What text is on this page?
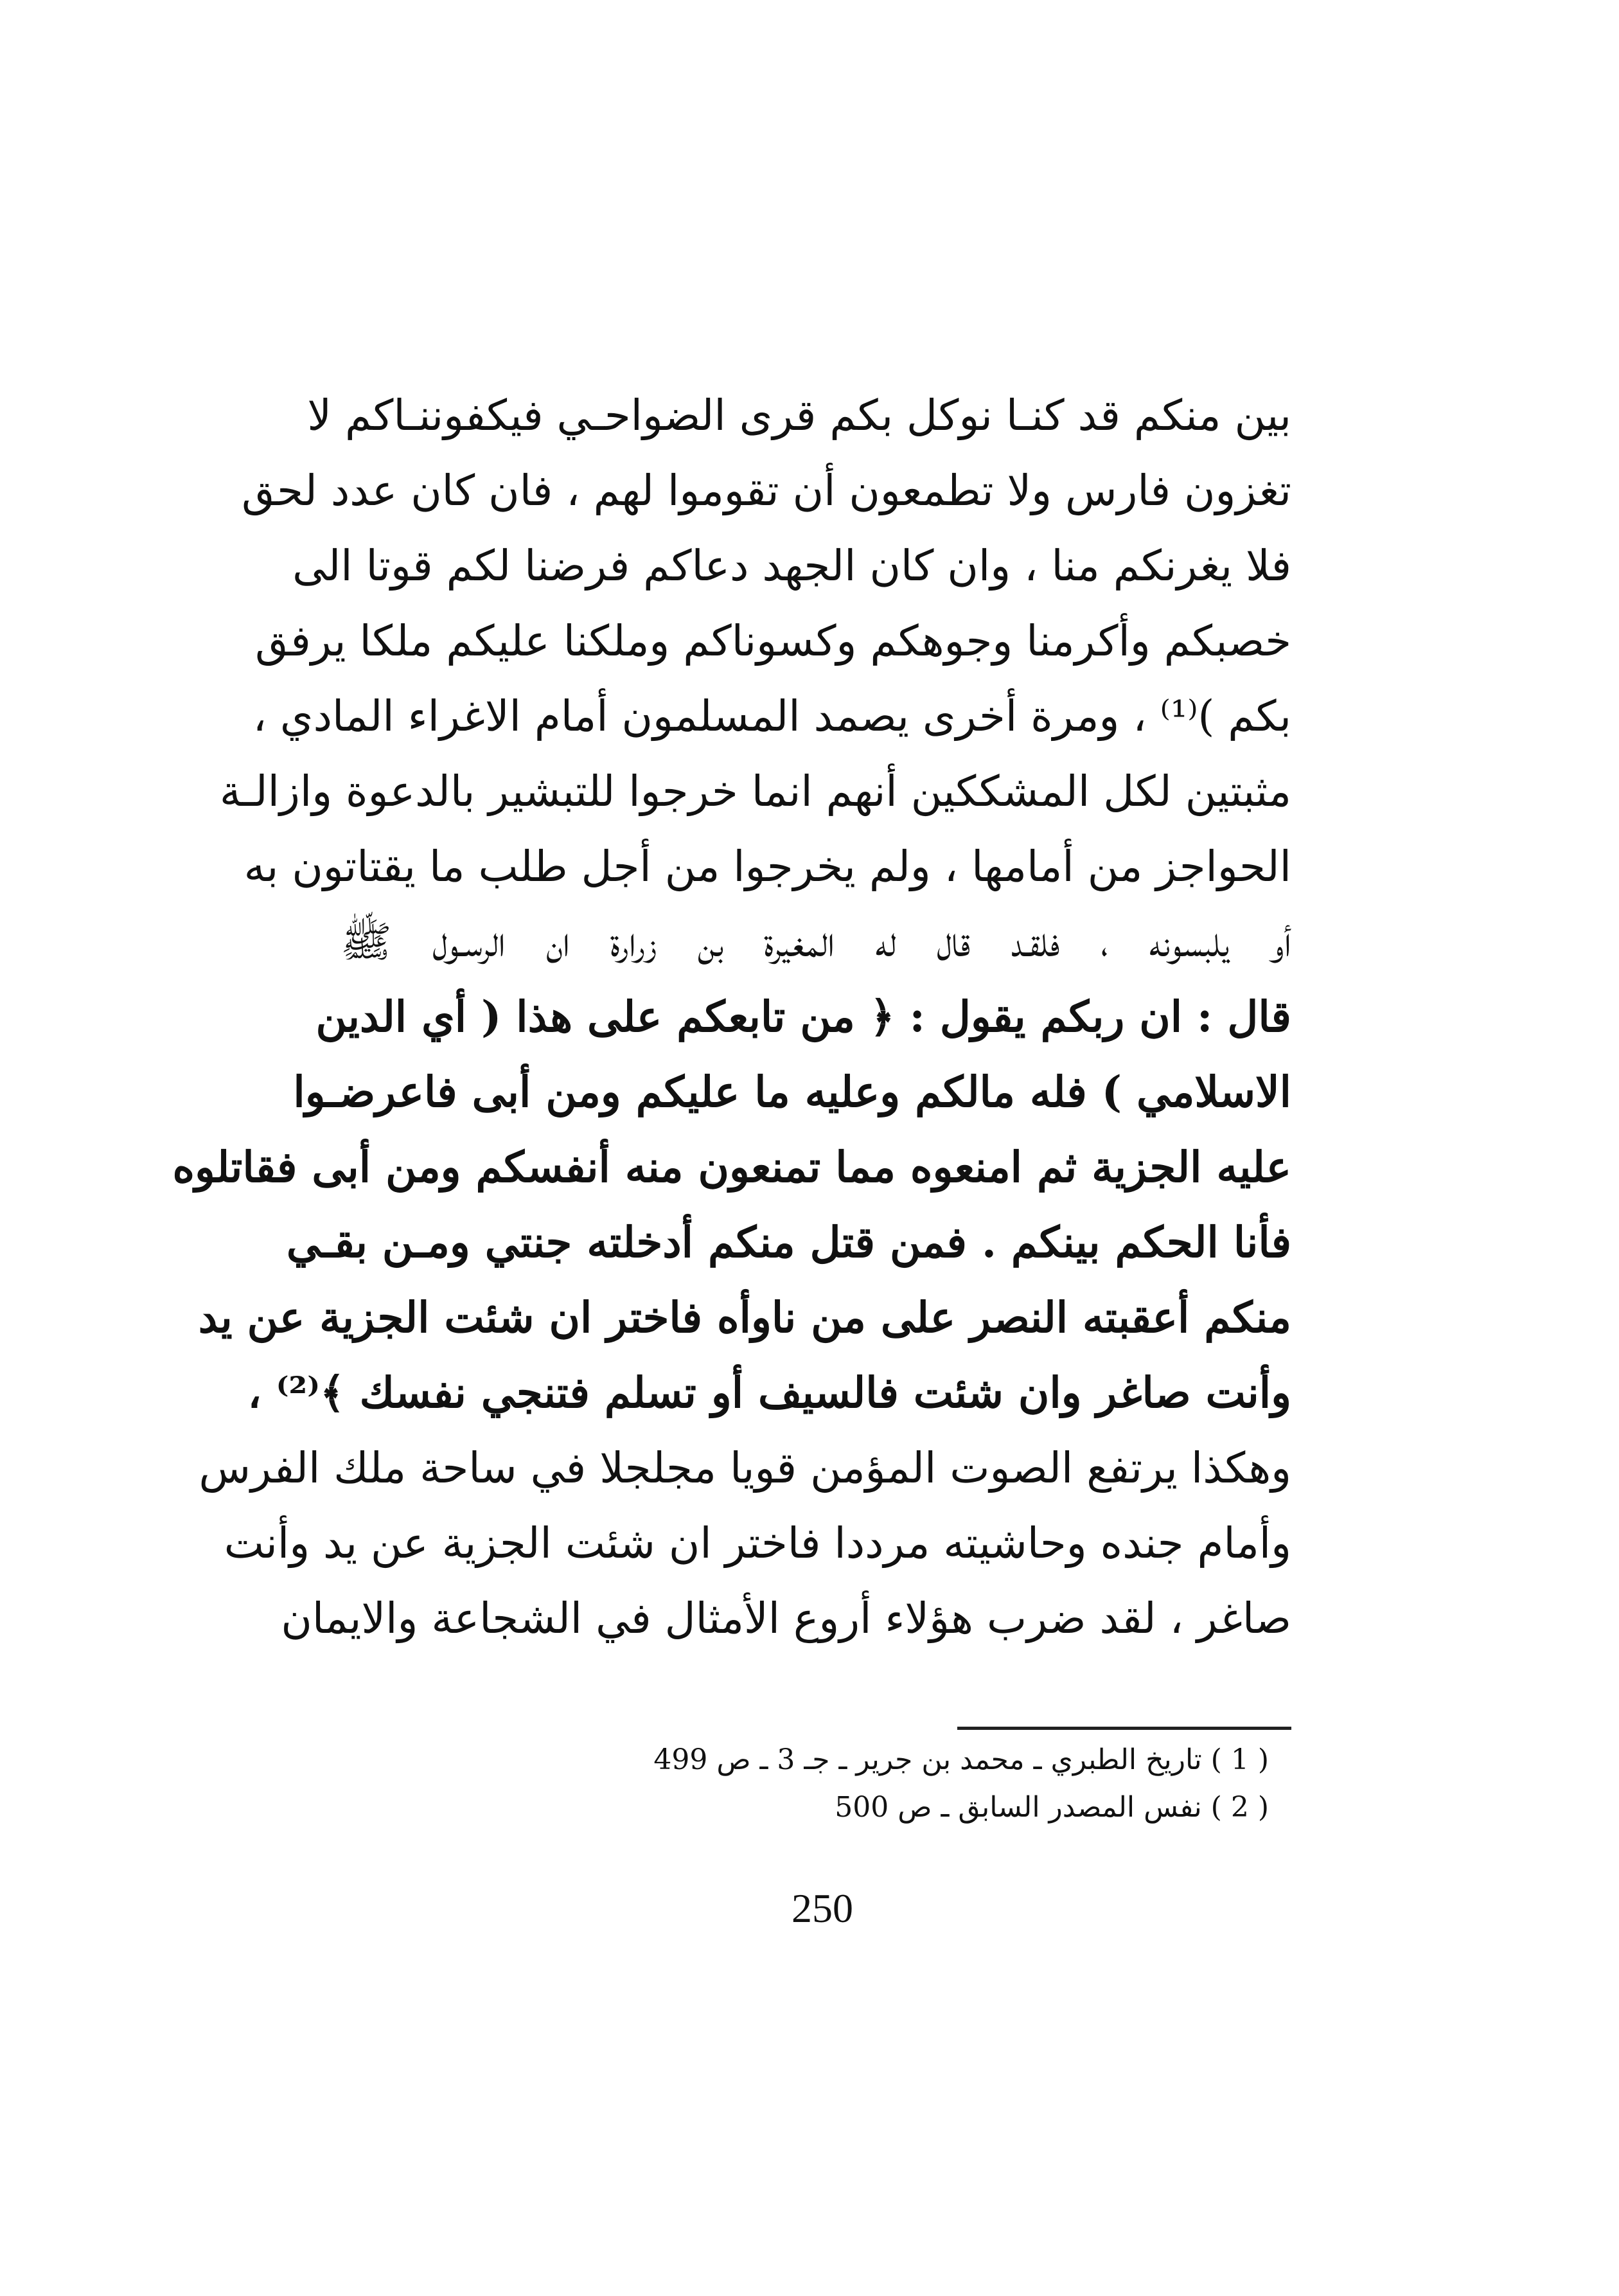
بين منكم قد كنـا نوكل بكم قرى الضواحـي فيكفوننـاكم لا
تغزون فارس ولا تطمعون أن تقوموا لهم ، فان كان عدد لحق
فلا يغرنكم منا ، وان كان الجهد دعاكم فرضنا لكم قوتا الى
خصبكم وأكرمنا وجوهكم وكسوناكم وملكنا عليكم ملكا يرفق
بكم )⁽¹⁾ ، ومرة أخرى يصمد المسلمون أمام الاغراء المادي ،
مثبتين لكل المشككين أنهم انما خرجوا للتبشير بالدعوة وازالـة
الحواجز من أمامها ، ولم يخرجوا من أجل طلب ما يقتاتون به
أو يلبسونه ، فلقـد قال له المغيرة بن زرارة ان الرسـول ﷺ
قال : ان ربكم يقول : ﴿ من تابعكم على هذا ( أي الدين
الاسلامي ) فله مالكم وعليه ما عليكم ومن أبى فاعرضـوا
عليه الجزية ثم امنعوه مما تمنعون منه أنفسكم ومن أبى فقاتلوه
فأنا الحكم بينكم . فمن قتل منكم أدخلته جنتي ومـن بقـي
منكم أعقبته النصر على من ناوأه فاختر ان شئت الجزية عن يد
وأنت صاغر وان شئت فالسيف أو تسلم فتنجي نفسك ﴾⁽²⁾ ،
وهكذا يرتفع الصوت المؤمن قويا مجلجلا في ساحة ملك الفرس
وأمام جنده وحاشيته مرددا فاختر ان شئت الجزية عن يد وأنت
صاغر ، لقد ضرب هؤلاء أروع الأمثال في الشجاعة والايمان
( 1 ) تاريخ الطبري ـ محمد بن جرير ـ جـ 3 ـ ص 499
( 2 ) نفس المصدر السابق ـ ص 500
250
